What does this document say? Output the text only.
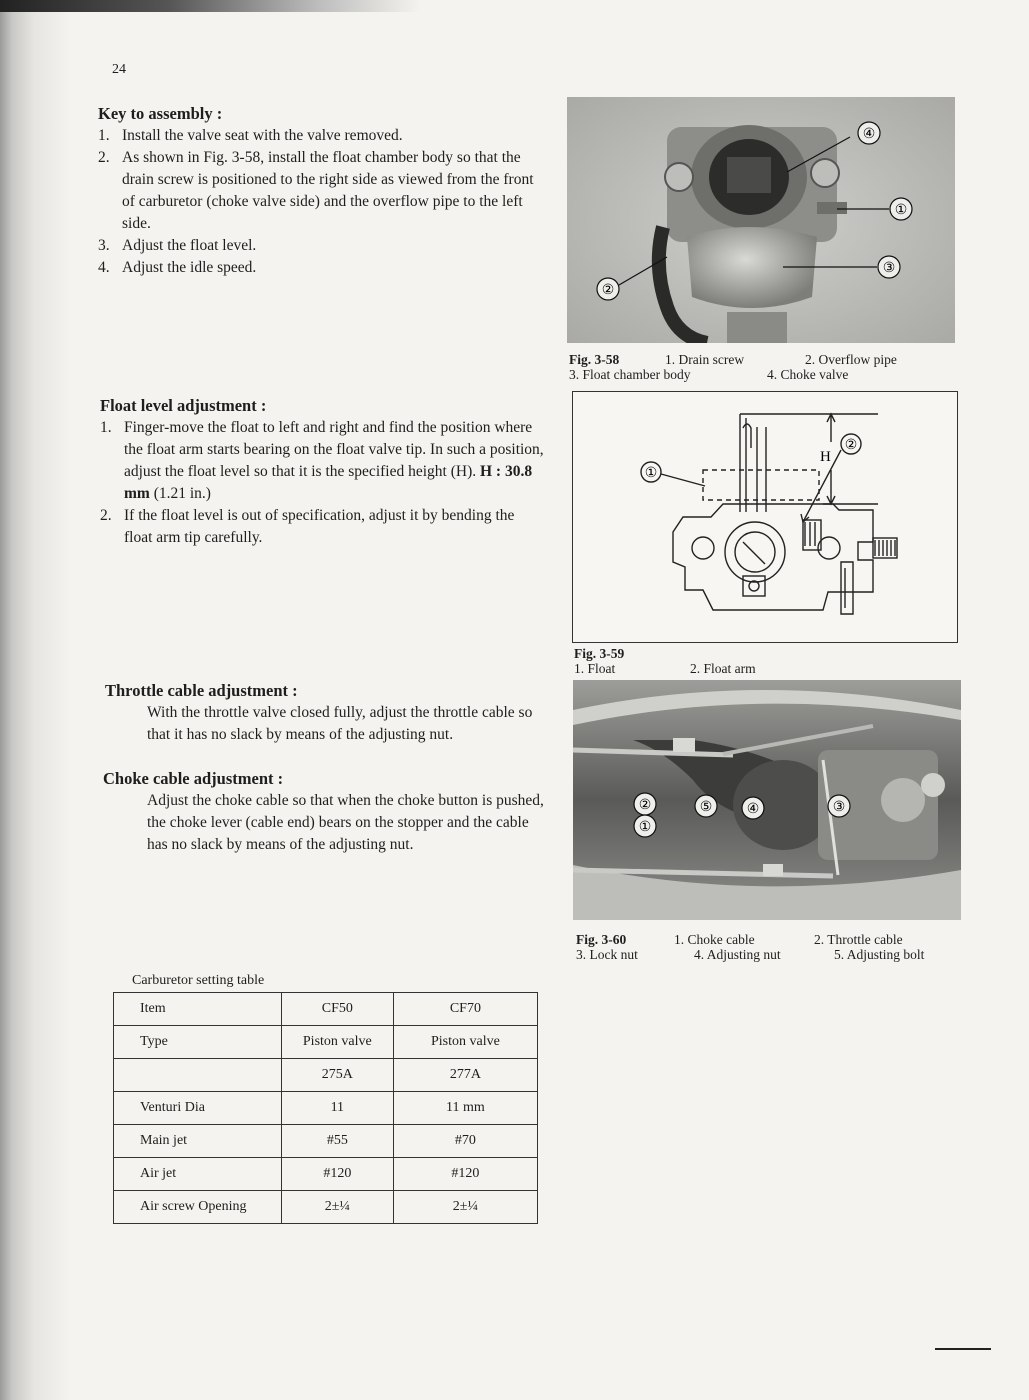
24
Key to assembly :
1. Install the valve seat with the valve removed.
2. As shown in Fig. 3-58, install the float chamber body so that the drain screw is positioned to the right side as viewed from the front of carburetor (choke valve side) and the overflow pipe to the left side.
3. Adjust the float level.
4. Adjust the idle speed.
④
①
③
②
Fig. 3-58	1. Drain screw	2. Overflow pipe
3. Float chamber body	4. Choke valve
Float level adjustment :
1. Finger-move the float to left and right and find the position where the float arm starts bearing on the float valve tip. In such a position, adjust the float level so that it is the specified height (H). H : 30.8 mm (1.21 in.)
2. If the float level is out of specification, adjust it by bending the float arm tip carefully.
①
②
H
Fig. 3-59
1. Float	2. Float arm
Throttle cable adjustment :
With the throttle valve closed fully, adjust the throttle cable so that it has no slack by means of the adjusting nut.
Choke cable adjustment :
Adjust the choke cable so that when the choke button is pushed, the choke lever (cable end) bears on the stopper and the cable has no slack by means of the adjusting nut.
①
②	③
④
⑤
Fig. 3-60	1. Choke cable	2. Throttle cable
3. Lock nut	4. Adjusting nut	5. Adjusting bolt
Carburetor setting table
Item	CF50	CF70
Type	Piston valve	Piston valve
	275A	277A
Venturi Dia	11	11 mm
Main jet	#55	#70
Air jet	#120	#120
Air screw Opening	2±¼	2±¼
